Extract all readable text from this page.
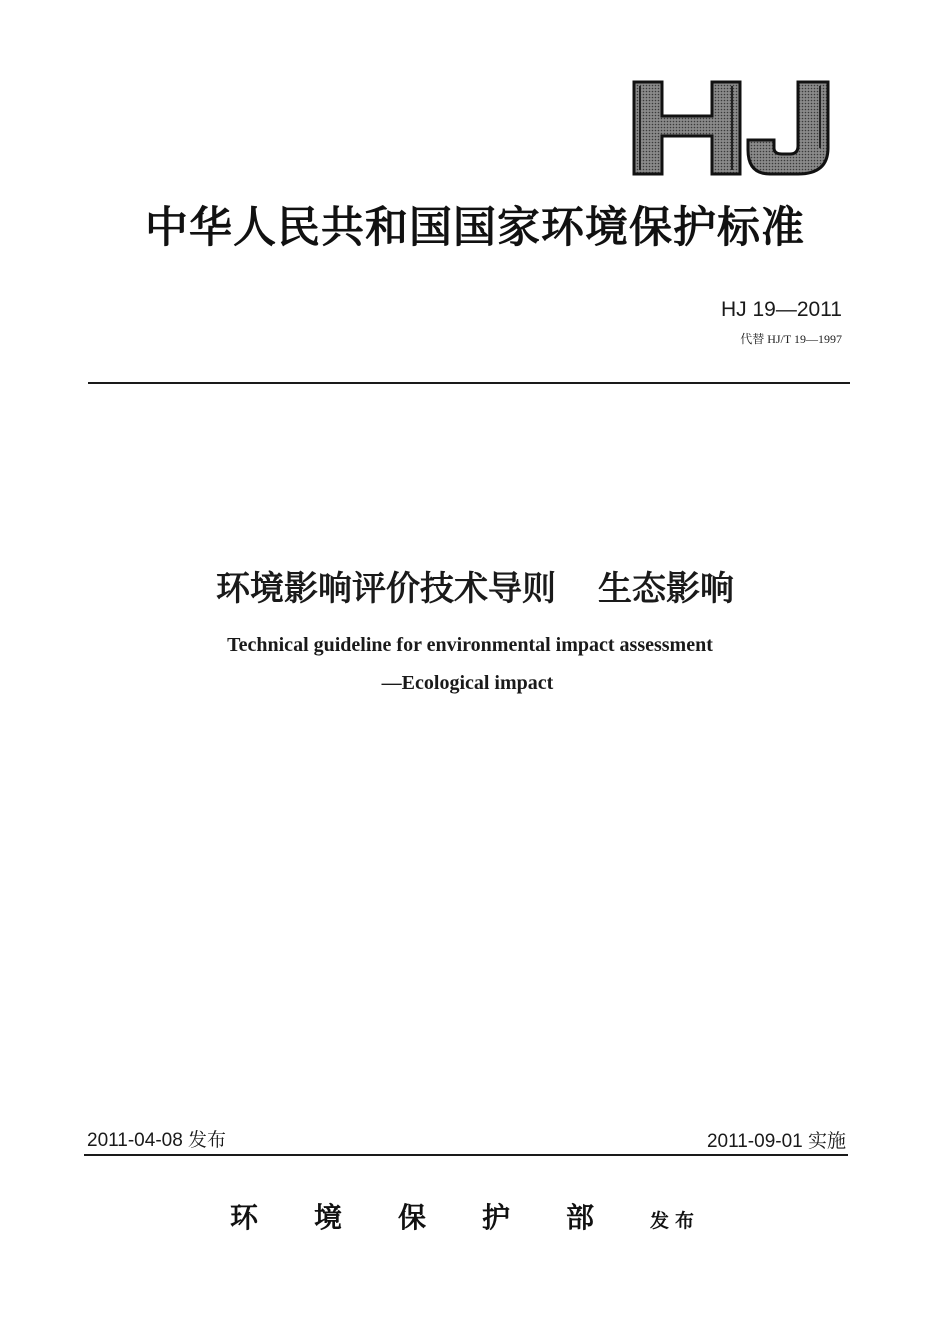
中华人民共和国国家环境保护标准
HJ 19—2011
代替 HJ/T 19—1997
环境影响评价技术导则 生态影响
Technical guideline for environmental impact assessment
—Ecological impact
2011-04-08 发布	2011-09-01 实施
环	境	保	护	部	发布
